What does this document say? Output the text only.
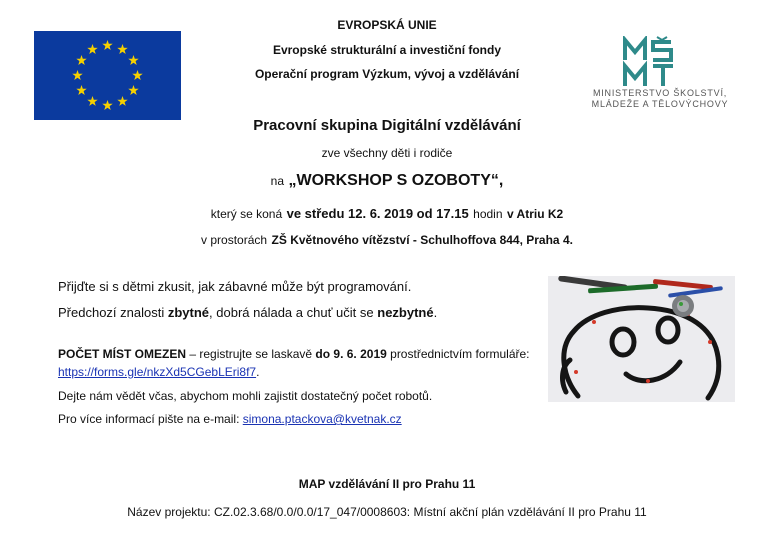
EVROPSKÁ UNIE
Evropské strukturální a investiční fondy
Operační program Výzkum, vývoj a vzdělávání
MINISTERSTVO ŠKOLSTVÍ,
MLÁDEŽE A TĚLOVÝCHOVY
Pracovní skupina Digitální vzdělávání
zve všechny děti i rodiče
na „WORKSHOP S OZOBOTY“,
který se koná ve středu 12. 6. 2019 od 17.15 hodin v Atriu K2
v prostorách ZŠ Květnového vítězství - Schulhoffova 844, Praha 4.
Přijďte si s dětmi zkusit, jak zábavné může být programování.
Předchozí znalosti zbytné, dobrá nálada a chuť učit se nezbytné.
POČET MÍST OMEZEN – registrujte se laskavě do 9. 6. 2019 prostřednictvím formuláře:
https://forms.gle/nkzXd5CGebLEri8f7.
Dejte nám vědět včas, abychom mohli zajistit dostatečný počet robotů.
Pro více informací pište na e-mail: simona.ptackova@kvetnak.cz
MAP vzdělávání II pro Prahu 11
Název projektu: CZ.02.3.68/0.0/0.0/17_047/0008603: Místní akční plán vzdělávání II pro Prahu 11
